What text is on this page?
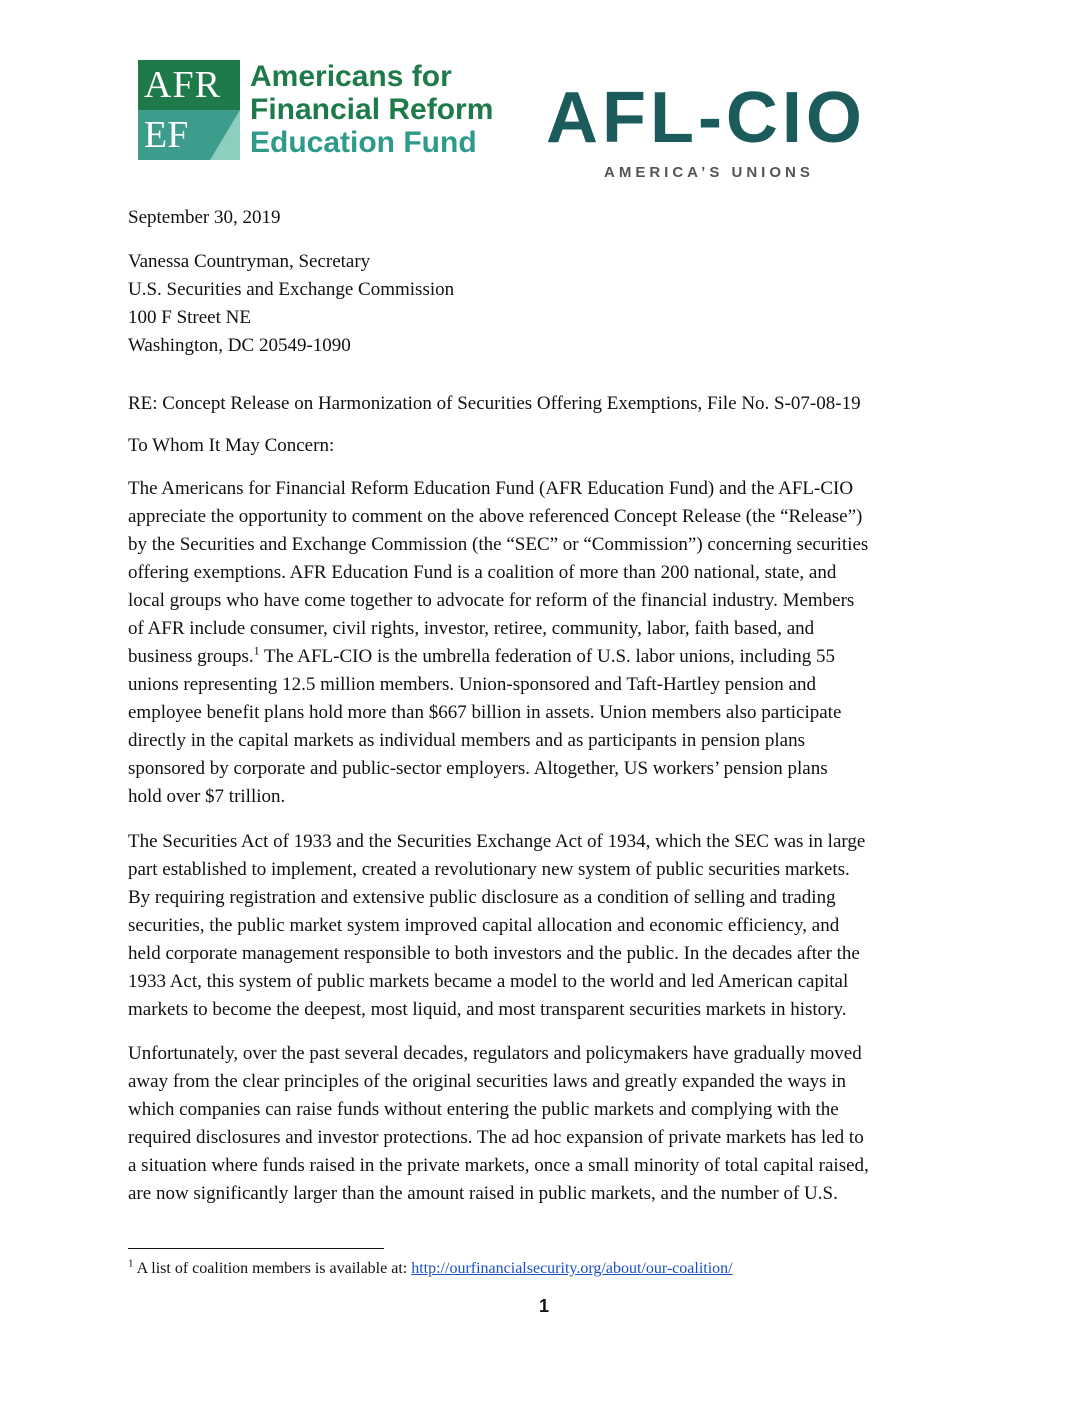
AFR
EF
Americans for
Financial Reform
Education Fund AFL-CIO
AMERICA’S UNIONS
September 30, 2019
Vanessa Countryman, Secretary
U.S. Securities and Exchange Commission
100 F Street NE
Washington, DC 20549-1090
RE: Concept Release on Harmonization of Securities Offering Exemptions, File No. S-07-08-19
To Whom It May Concern:
The Americans for Financial Reform Education Fund (AFR Education Fund) and the AFL-CIO
appreciate the opportunity to comment on the above referenced Concept Release (the “Release”)
by the Securities and Exchange Commission (the “SEC” or “Commission”) concerning securities
offering exemptions. AFR Education Fund is a coalition of more than 200 national, state, and
local groups who have come together to advocate for reform of the financial industry. Members
of AFR include consumer, civil rights, investor, retiree, community, labor, faith based, and
business groups.$^1$ The AFL-CIO is the umbrella federation of U.S. labor unions, including 55
unions representing 12.5 million members. Union-sponsored and Taft-Hartley pension and
employee benefit plans hold more than $667 billion in assets. Union members also participate
directly in the capital markets as individual members and as participants in pension plans
sponsored by corporate and public-sector employers. Altogether, US workers’ pension plans
hold over $7 trillion.
The Securities Act of 1933 and the Securities Exchange Act of 1934, which the SEC was in large
part established to implement, created a revolutionary new system of public securities markets.
By requiring registration and extensive public disclosure as a condition of selling and trading
securities, the public market system improved capital allocation and economic efficiency, and
held corporate management responsible to both investors and the public. In the decades after the
1933 Act, this system of public markets became a model to the world and led American capital
markets to become the deepest, most liquid, and most transparent securities markets in history.
Unfortunately, over the past several decades, regulators and policymakers have gradually moved
away from the clear principles of the original securities laws and greatly expanded the ways in
which companies can raise funds without entering the public markets and complying with the
required disclosures and investor protections. The ad hoc expansion of private markets has led to
a situation where funds raised in the private markets, once a small minority of total capital raised,
are now significantly larger than the amount raised in public markets, and the number of U.S.
$^1$ A list of coalition members is available at: http://ourfinancialsecurity.org/about/our-coalition/
1
